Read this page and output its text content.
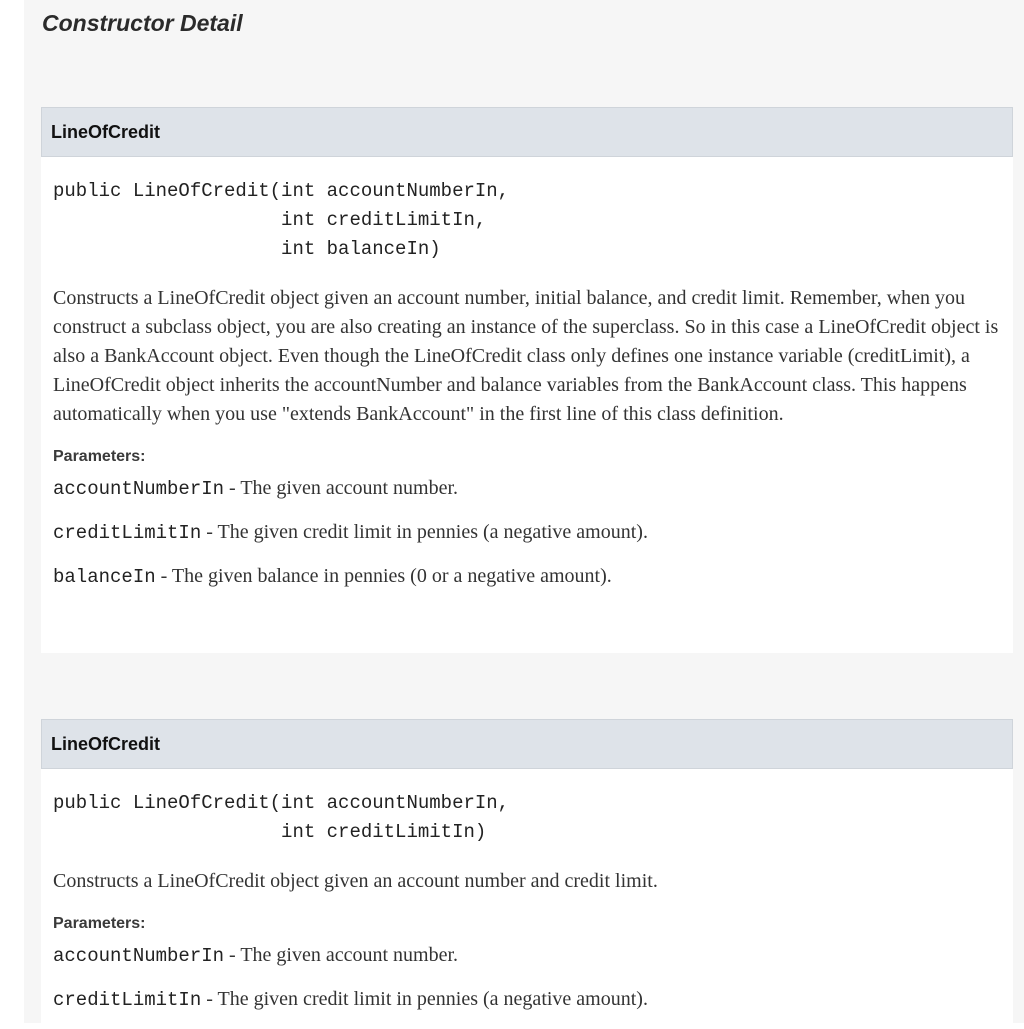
Constructor Detail
LineOfCredit
public LineOfCredit(int accountNumberIn,
int creditLimitIn,
int balanceIn)
Constructs a LineOfCredit object given an account number, initial balance, and credit limit. Remember, when you construct a subclass object, you are also creating an instance of the superclass. So in this case a LineOfCredit object is also a BankAccount object. Even though the LineOfCredit class only defines one instance variable (creditLimit), a LineOfCredit object inherits the accountNumber and balance variables from the BankAccount class. This happens automatically when you use "extends BankAccount" in the first line of this class definition.
Parameters:
accountNumberIn - The given account number.
creditLimitIn - The given credit limit in pennies (a negative amount).
balanceIn - The given balance in pennies (0 or a negative amount).
LineOfCredit
public LineOfCredit(int accountNumberIn,
int creditLimitIn)
Constructs a LineOfCredit object given an account number and credit limit.
Parameters:
accountNumberIn - The given account number.
creditLimitIn - The given credit limit in pennies (a negative amount).
